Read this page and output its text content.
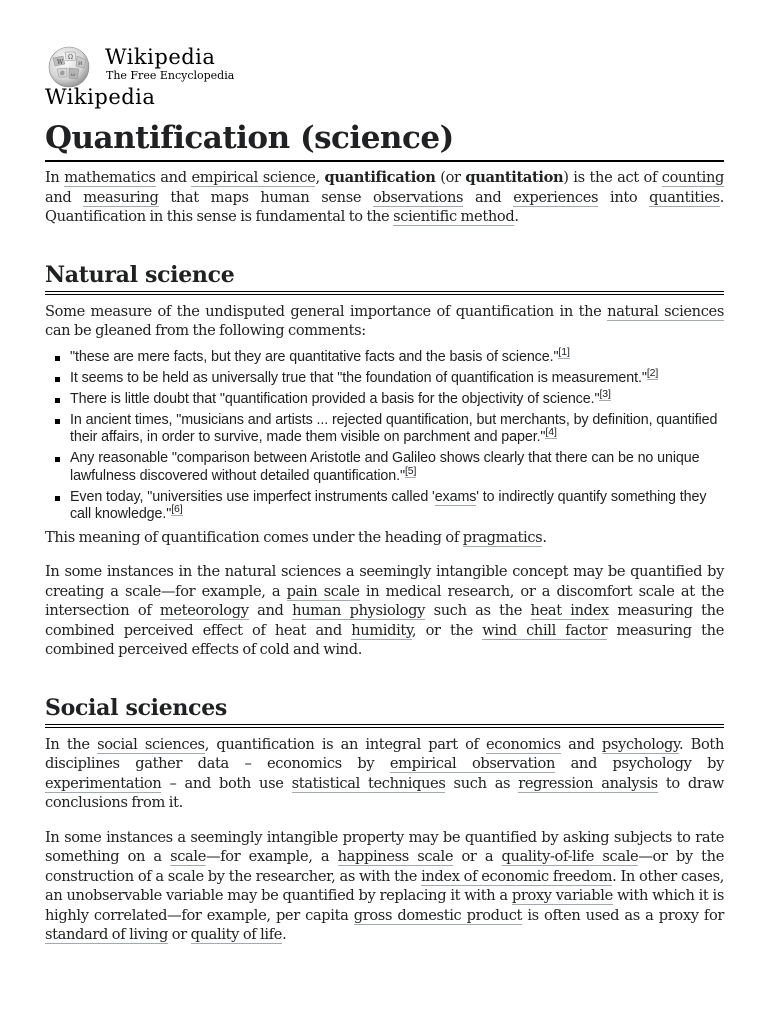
W
Ω
И
維 ω
Wikipedia
The Free Encyclopedia
Wikipedia
Quantification (science)

In mathematics and empirical science, quantification (or quantitation) is the act of counting and measuring that maps human sense observations and experiences into quantities. Quantification in this sense is fundamental to the scientific method.

Natural science

Some measure of the undisputed general importance of quantification in the natural sciences can be gleaned from the following comments:

"these are mere facts, but they are quantitative facts and the basis of science."[1]
It seems to be held as universally true that "the foundation of quantification is measurement."[2]
There is little doubt that "quantification provided a basis for the objectivity of science."[3]
In ancient times, "musicians and artists ... rejected quantification, but merchants, by definition, quantified their affairs, in order to survive, made them visible on parchment and paper."[4]
Any reasonable "comparison between Aristotle and Galileo shows clearly that there can be no unique lawfulness discovered without detailed quantification."[5]
Even today, "universities use imperfect instruments called 'exams' to indirectly quantify something they call knowledge."[6]

This meaning of quantification comes under the heading of pragmatics.

In some instances in the natural sciences a seemingly intangible concept may be quantified by creating a scale—for example, a pain scale in medical research, or a discomfort scale at the intersection of meteorology and human physiology such as the heat index measuring the combined perceived effect of heat and humidity, or the wind chill factor measuring the combined perceived effects of cold and wind.

Social sciences

In the social sciences, quantification is an integral part of economics and psychology. Both disciplines gather data – economics by empirical observation and psychology by experimentation – and both use statistical techniques such as regression analysis to draw conclusions from it.

In some instances a seemingly intangible property may be quantified by asking subjects to rate something on a scale—for example, a happiness scale or a quality-of-life scale—or by the construction of a scale by the researcher, as with the index of economic freedom. In other cases, an unobservable variable may be quantified by replacing it with a proxy variable with which it is highly correlated—for example, per capita gross domestic product is often used as a proxy for standard of living or quality of life.
